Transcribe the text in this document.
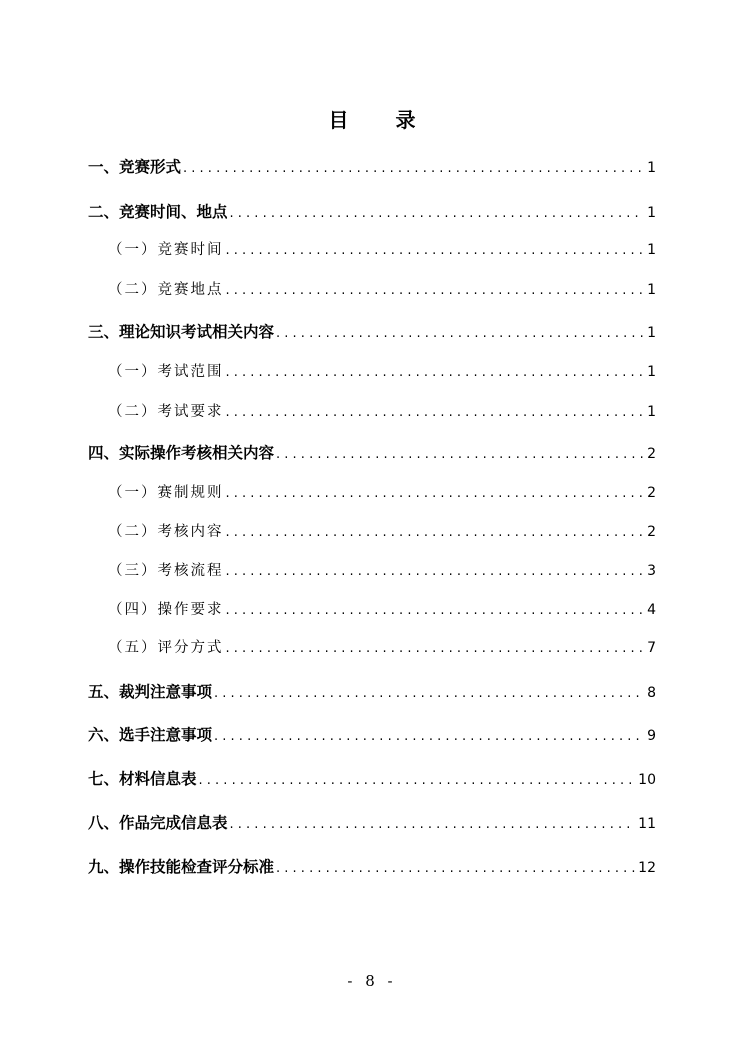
目 录
一、竞赛形式 . . .	1
二、竞赛时间、地点 . . .	1
（一）竞赛时间 . . .	1
（二）竞赛地点 . . .	1
三、理论知识考试相关内容 . . .	1
（一）考试范围 . . .	1
（二）考试要求 . . .	1
四、实际操作考核相关内容 . . .	2
（一）赛制规则 . . .	2
（二）考核内容 . . .	2
（三）考核流程 . . .	3
（四）操作要求 . . .	4
（五）评分方式 . . .	7
五、裁判注意事项 . . .	8
六、选手注意事项 . . .	9
七、材料信息表 . . .	10
八、作品完成信息表 . . .	11
九、操作技能检查评分标准 . . .	12
- 8 -
